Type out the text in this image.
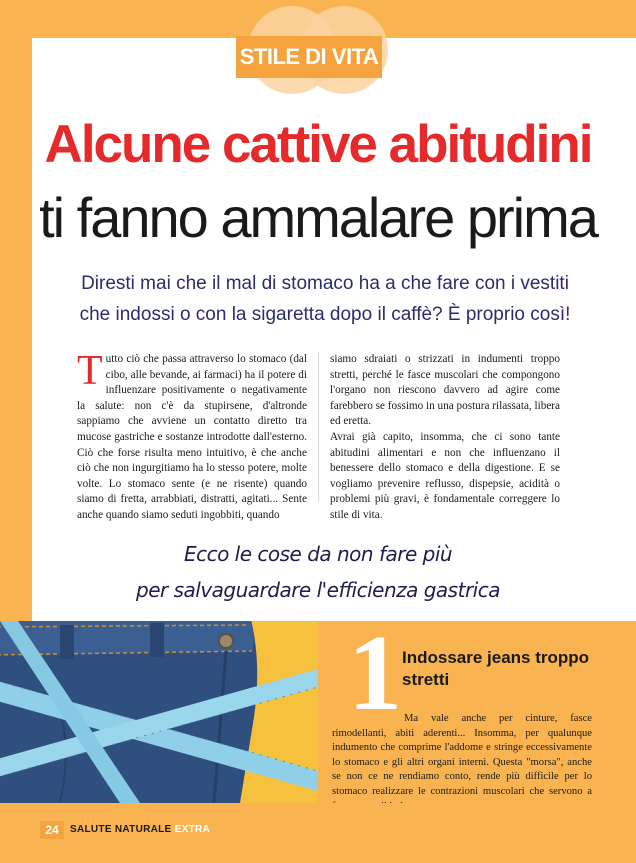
STILE DI VITA
Alcune cattive abitudini
ti fanno ammalare prima
Diresti mai che il mal di stomaco ha a che fare con i vestiti
che indossi o con la sigaretta dopo il caffè? È proprio così!

Tutto ciò che passa attraverso lo stomaco (dal cibo, alle bevande, ai farmaci) ha il potere di influenzare positivamente o negativamente la salute: non c'è da stupirsene, d'altronde sappiamo che avviene un contatto diretto tra mucose gastriche e sostanze introdotte dall'esterno. Ciò che forse risulta meno intuitivo, è che anche ciò che non ingurgitiamo ha lo stesso potere, molte volte. Lo stomaco sente (e ne risente) quando siamo di fretta, arrabbiati, distratti, agitati... Sente anche quando siamo seduti ingobbiti, quando

siamo sdraiati o strizzati in indumenti troppo stretti, perché le fasce muscolari che compongono l'organo non riescono davvero ad agire come farebbero se fossimo in una postura rilassata, libera ed eretta.

Avrai già capito, insomma, che ci sono tante abitudini alimentari e non che influenzano il benessere dello stomaco e della digestione. E se vogliamo prevenire reflusso, dispepsie, acidità o problemi più gravi, è fondamentale correggere lo stile di vita.

Ecco le cose da non fare più
per salvaguardare l'efficienza gastrica
1 Indossare jeans troppo stretti

Ma vale anche per cinture, fasce rimodellanti, abiti aderenti... Insomma, per qualunque indumento che comprime l'addome e stringe eccessivamente lo stomaco e gli altri organi interni. Questa "morsa", anche se non ce ne rendiamo conto, rende più difficile per lo stomaco realizzare le contrazioni muscolari che servono a

24	SALUTE NATURALE EXTRA
